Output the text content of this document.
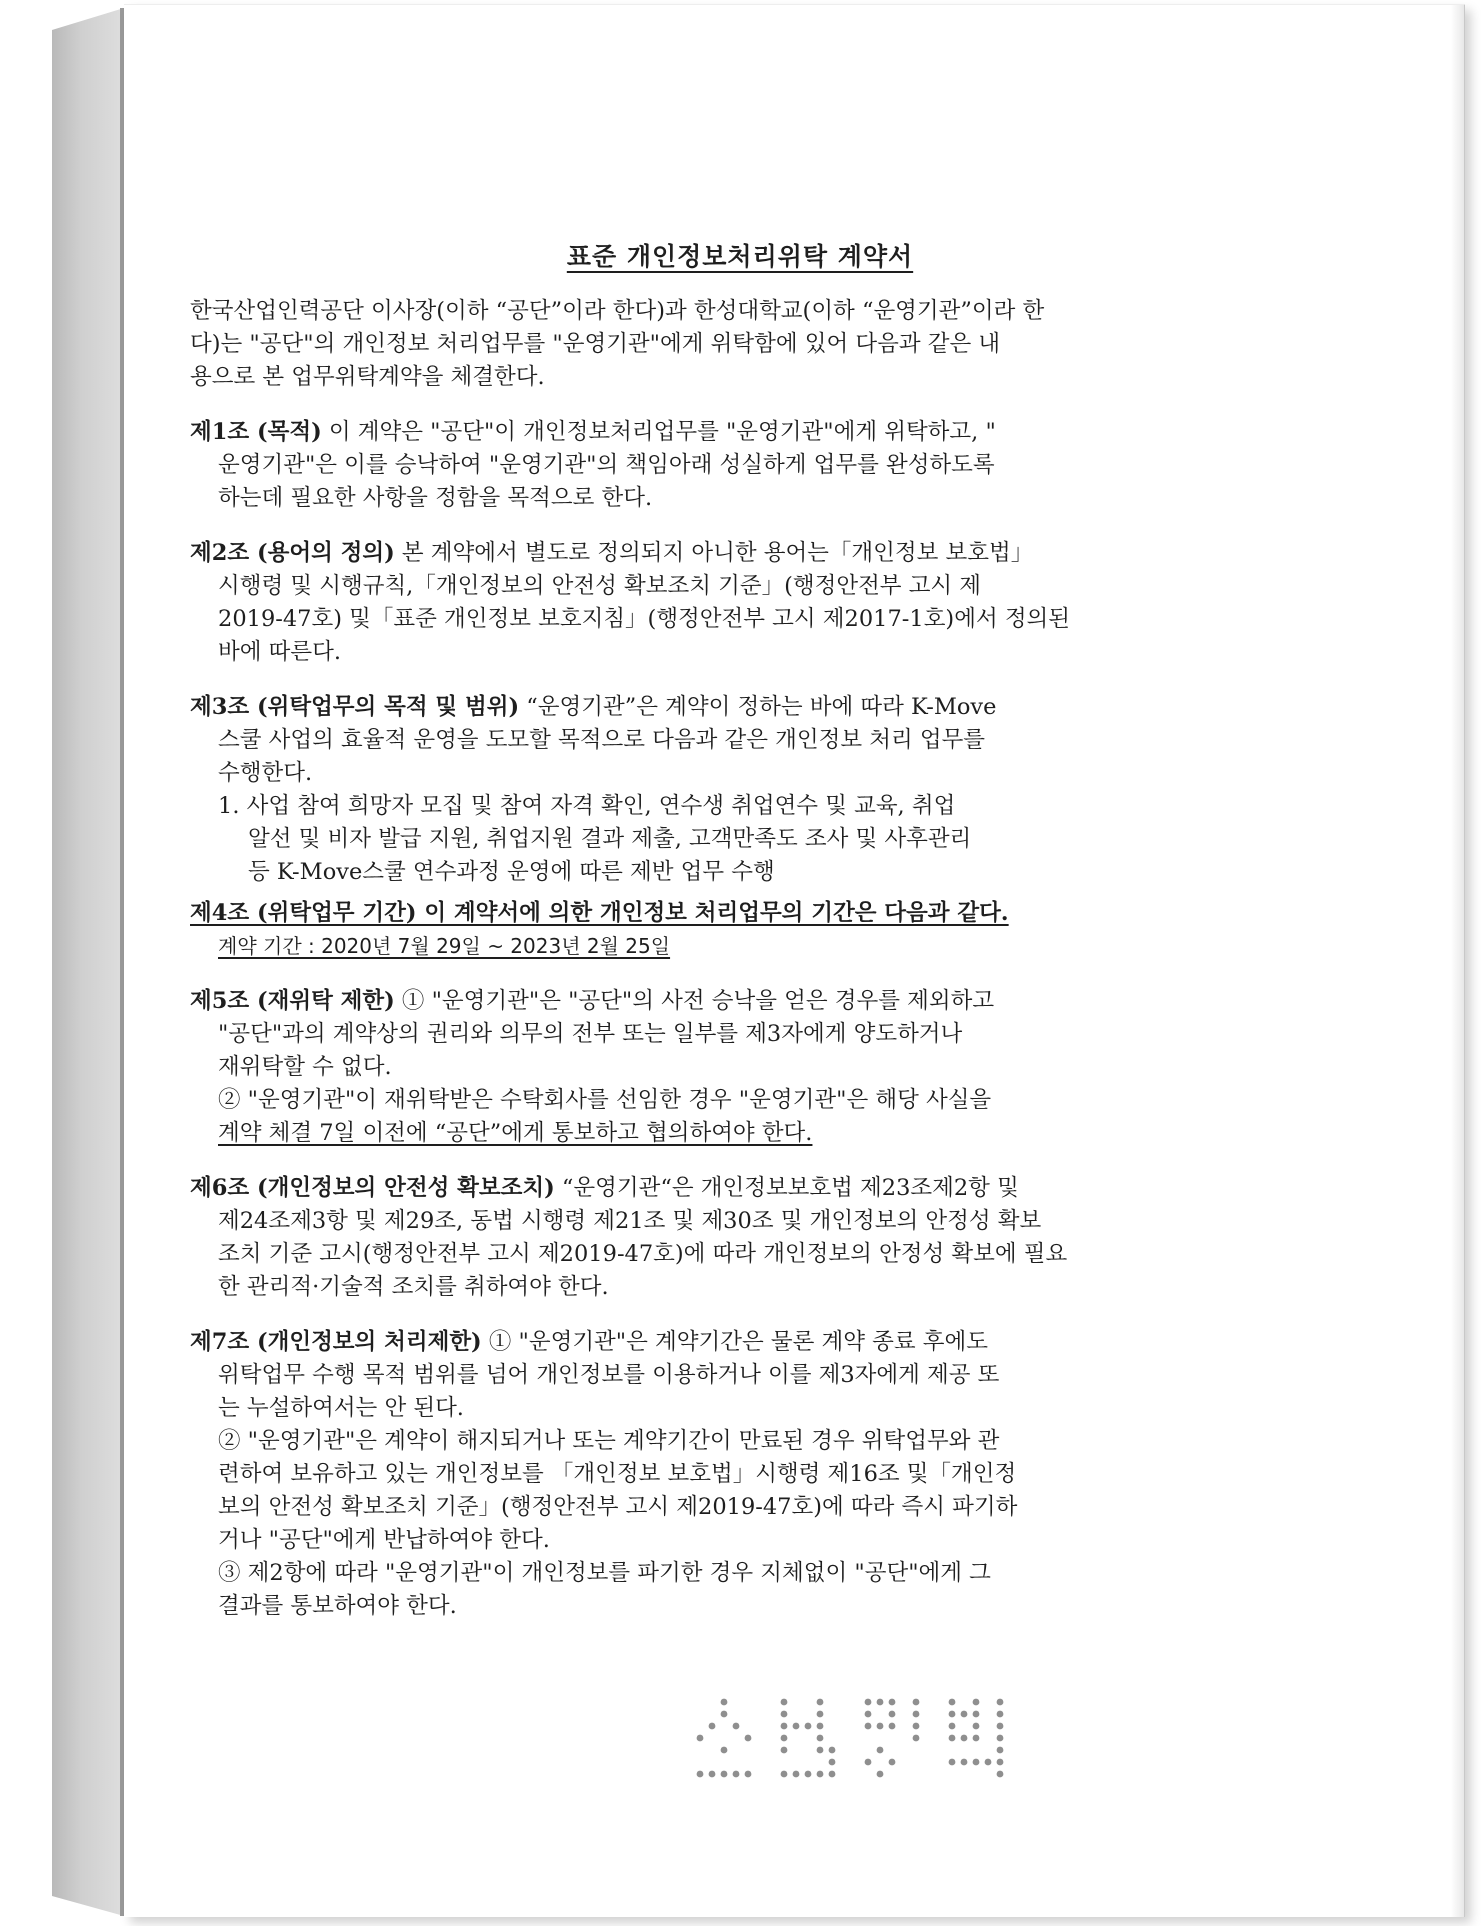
표준 개인정보처리위탁 계약서
한국산업인력공단 이사장(이하 “공단”이라 한다)과 한성대학교(이하 “운영기관”이라 한
다)는 "공단"의 개인정보 처리업무를 "운영기관"에게 위탁함에 있어 다음과 같은 내
용으로 본 업무위탁계약을 체결한다.
제1조 (목적) 이 계약은 "공단"이 개인정보처리업무를 "운영기관"에게 위탁하고, "
운영기관"은 이를 승낙하여 "운영기관"의 책임아래 성실하게 업무를 완성하도록
하는데 필요한 사항을 정함을 목적으로 한다.
제2조 (용어의 정의) 본 계약에서 별도로 정의되지 아니한 용어는「개인정보 보호법」
시행령 및 시행규칙,「개인정보의 안전성 확보조치 기준」(행정안전부 고시 제
2019-47호) 및「표준 개인정보 보호지침」(행정안전부 고시 제2017-1호)에서 정의된
바에 따른다.
제3조 (위탁업무의 목적 및 범위) “운영기관”은 계약이 정하는 바에 따라 K-Move
스쿨 사업의 효율적 운영을 도모할 목적으로 다음과 같은 개인정보 처리 업무를
수행한다.
1. 사업 참여 희망자 모집 및 참여 자격 확인, 연수생 취업연수 및 교육, 취업
알선 및 비자 발급 지원, 취업지원 결과 제출, 고객만족도 조사 및 사후관리
등 K-Move스쿨 연수과정 운영에 따른 제반 업무 수행
제4조 (위탁업무 기간) 이 계약서에 의한 개인정보 처리업무의 기간은 다음과 같다.
계약 기간 : 2020년 7월 29일 ~ 2023년 2월 25일
제5조 (재위탁 제한) ① "운영기관"은 "공단"의 사전 승낙을 얻은 경우를 제외하고
"공단"과의 계약상의 권리와 의무의 전부 또는 일부를 제3자에게 양도하거나
재위탁할 수 없다.
② "운영기관"이 재위탁받은 수탁회사를 선임한 경우 "운영기관"은 해당 사실을
계약 체결 7일 이전에 “공단”에게 통보하고 협의하여야 한다.
제6조 (개인정보의 안전성 확보조치) “운영기관“은 개인정보보호법 제23조제2항 및
제24조제3항 및 제29조, 동법 시행령 제21조 및 제30조 및 개인정보의 안정성 확보
조치 기준 고시(행정안전부 고시 제2019-47호)에 따라 개인정보의 안정성 확보에 필요
한 관리적·기술적 조치를 취하여야 한다.
제7조 (개인정보의 처리제한) ① "운영기관"은 계약기간은 물론 계약 종료 후에도
위탁업무 수행 목적 범위를 넘어 개인정보를 이용하거나 이를 제3자에게 제공 또
는 누설하여서는 안 된다.
② "운영기관"은 계약이 해지되거나 또는 계약기간이 만료된 경우 위탁업무와 관
련하여 보유하고 있는 개인정보를 「개인정보 보호법」시행령 제16조 및「개인정
보의 안전성 확보조치 기준」(행정안전부 고시 제2019-47호)에 따라 즉시 파기하
거나 "공단"에게 반납하여야 한다.
③ 제2항에 따라 "운영기관"이 개인정보를 파기한 경우 지체없이 "공단"에게 그
결과를 통보하여야 한다.
